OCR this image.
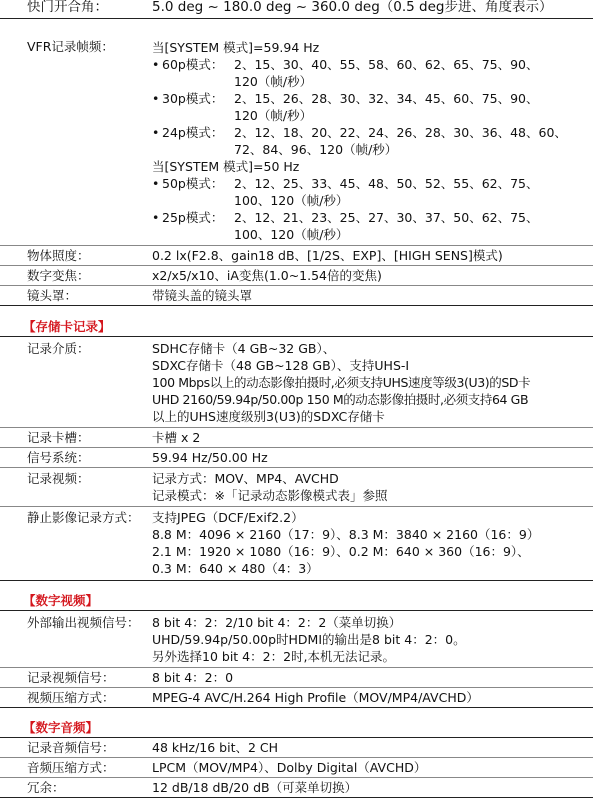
快门开合角：	5.0 deg ~ 180.0 deg ~ 360.0 deg（0.5 deg步进、角度表示）
VFR记录帧频：	当[SYSTEM 模式]=59.94 Hz
• 60p模式： 2、15、30、40、55、58、60、62、65、75、90、
120（帧/秒）
• 30p模式： 2、15、26、28、30、32、34、45、60、75、90、
120（帧/秒）
• 24p模式： 2、12、18、20、22、24、26、28、30、36、48、60、
72、84、96、120（帧/秒）
当[SYSTEM 模式]=50 Hz
• 50p模式： 2、12、25、33、45、48、50、52、55、62、75、
100、120（帧/秒）
• 25p模式： 2、12、21、23、25、27、30、37、50、62、75、
100、120（帧/秒）
物体照度：	0.2 lx(F2.8、gain18 dB、[1/2S、EXP]、[HIGH SENS]模式)
数字变焦：	x2/x5/x10、iA变焦(1.0~1.54倍的变焦)
镜头罩：	带镜头盖的镜头罩
【存储卡记录】
记录介质：	SDHC存储卡（4 GB~32 GB）、
SDXC存储卡（48 GB~128 GB）、支持UHS-I
100 Mbps以上的动态影像拍摄时,必须支持UHS速度等级3(U3)的SD卡
UHD 2160/59.94p/50.00p 150 M的动态影像拍摄时,必须支持64 GB
以上的UHS速度级别3(U3)的SDXC存储卡
记录卡槽：	卡槽 x 2
信号系统：	59.94 Hz/50.00 Hz
记录视频：	记录方式：MOV、MP4、AVCHD
记录模式：※「记录动态影像模式表」参照
静止影像记录方式： 支持JPEG（DCF/Exif2.2）
8.8 M：4096 × 2160（17：9）、8.3 M：3840 × 2160（16：9）
2.1 M：1920 × 1080（16：9）、0.2 M：640 × 360（16：9）、
0.3 M：640 × 480（4：3）
【数字视频】
外部输出视频信号： 8 bit 4：2：2/10 bit 4：2：2（菜单切换）
UHD/59.94p/50.00p时HDMI的输出是8 bit 4：2：0。
另外选择10 bit 4：2：2时,本机无法记录。
记录视频信号：	8 bit 4：2：0
视频压缩方式：	MPEG-4 AVC/H.264 High Profile（MOV/MP4/AVCHD）
【数字音频】
记录音频信号：	48 kHz/16 bit、2 CH
音频压缩方式：	LPCM（MOV/MP4）、Dolby Digital（AVCHD）
冗余：	12 dB/18 dB/20 dB（可菜单切换）
